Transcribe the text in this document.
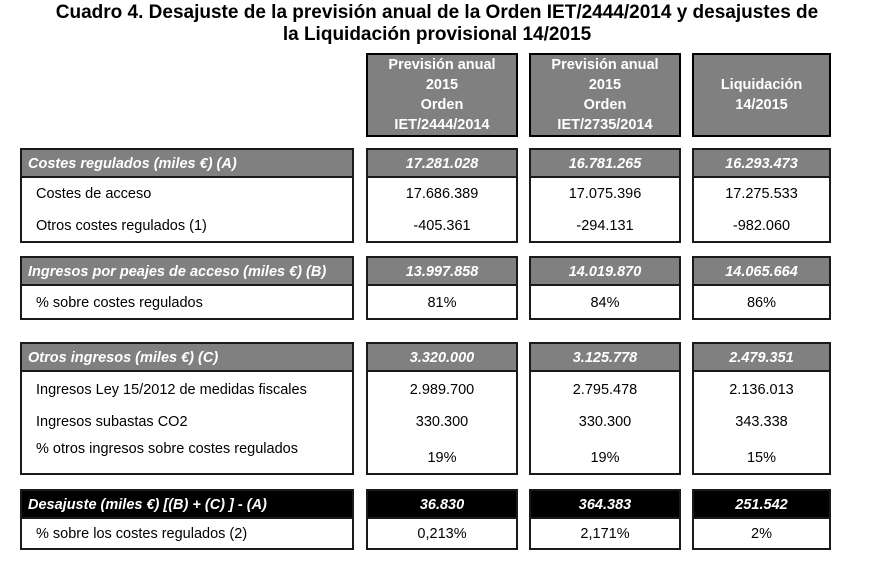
Cuadro 4. Desajuste de la previsión anual de la Orden IET/2444/2014 y desajustes de
la Liquidación provisional 14/2015
Previsión anual
2015
Orden
IET/2444/2014
Previsión anual
2015
Orden
IET/2735/2014
Liquidación
14/2015
Costes regulados (miles €) (A)
Costes de acceso
Otros costes regulados (1)
17.281.028
17.686.389
-405.361
16.781.265
17.075.396
-294.131
16.293.473
17.275.533
-982.060
Ingresos por peajes de acceso (miles €) (B)
% sobre costes regulados
13.997.858
81%
14.019.870
84%
14.065.664
86%
Otros ingresos (miles €) (C)
Ingresos Ley 15/2012 de medidas fiscales
Ingresos subastas CO2
% otros ingresos sobre costes regulados
3.320.000
2.989.700
330.300
19%
3.125.778
2.795.478
330.300
19%
2.479.351
2.136.013
343.338
15%
Desajuste (miles €) [(B) + (C) ] - (A)
% sobre los costes regulados (2)
36.830
0,213%
364.383
2,171%
251.542
2%
